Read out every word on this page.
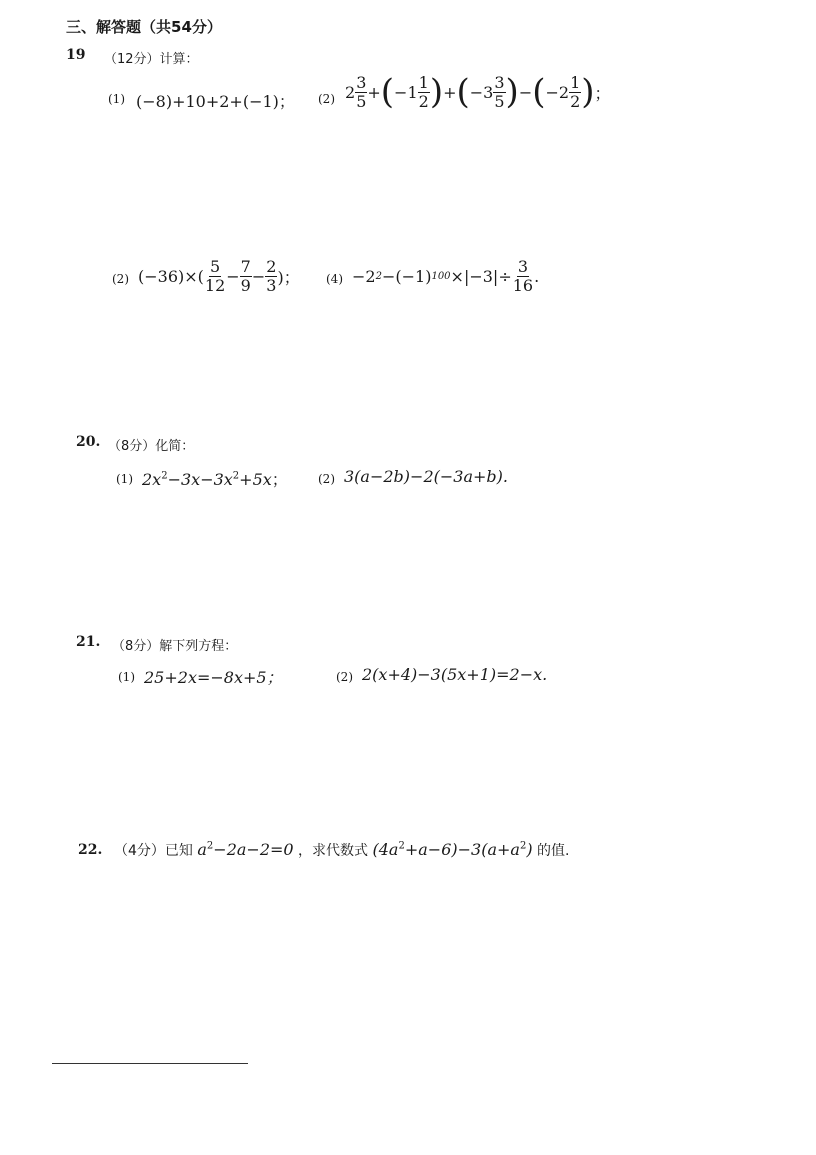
三、解答题（共54分）
19 （12分）计算：
(1) (−8)+10+2+(−1)； (2) $2 \frac{3}{5}$ + ( $-1 \frac{1}{2}$ ) + ( $-3 \frac{3}{5}$ ) − ( $-2 \frac{1}{2}$ ) ；
(2) $(-36)\times( \frac{5}{12} - \frac{7}{9} - \frac{2}{3}$ )； (4) −2 2 −(−1) $100 \times|-3|\div \frac{3}{16}$ .
20. （8分）化简：
(1) $2x^2-3x-3x^2+5x$；	(2) 3(a−2b)−2(−3a+b).
21. （8分）解下列方程：
(1) 25+2x=−8x+5；	(2) 2(x+4)−3(5x+1)=2−x.
22. （4分）已知 $a^2-2a-2=0$ ，求代数式 $(4a^2+a-6)-3(a+a^2)$ 的值.
